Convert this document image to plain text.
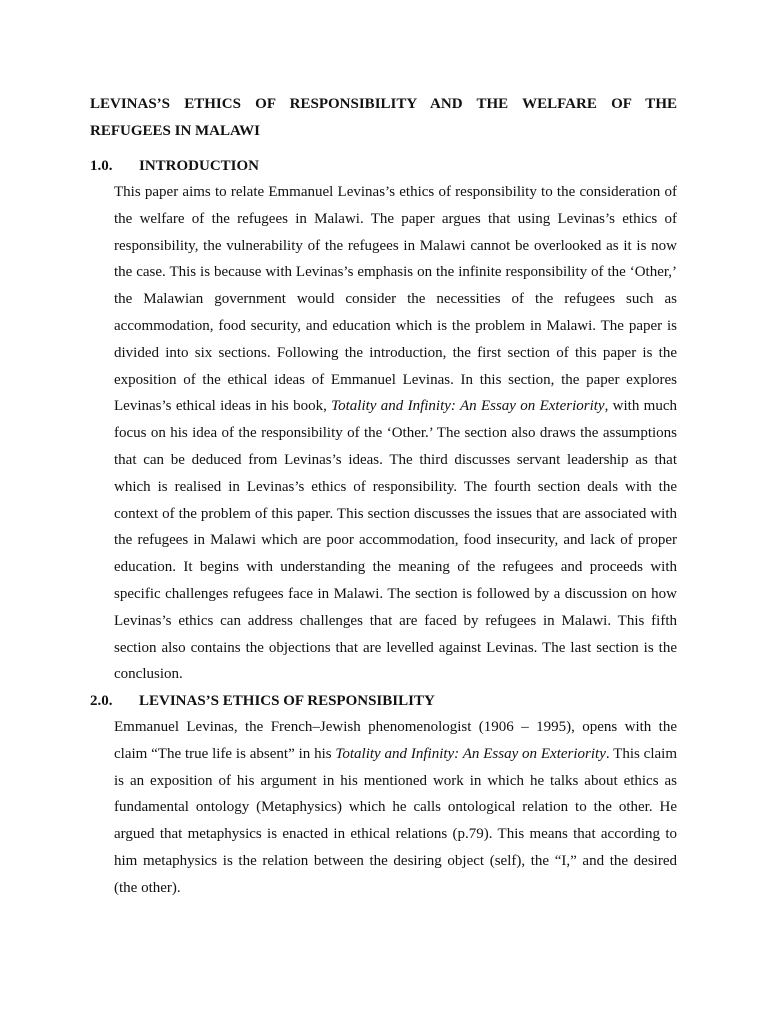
LEVINAS’S ETHICS OF RESPONSIBILITY AND THE WELFARE OF THE REFUGEES IN MALAWI
1.0. INTRODUCTION

This paper aims to relate Emmanuel Levinas’s ethics of responsibility to the consideration of the welfare of the refugees in Malawi. The paper argues that using Levinas’s ethics of responsibility, the vulnerability of the refugees in Malawi cannot be overlooked as it is now the case. This is because with Levinas’s emphasis on the infinite responsibility of the ‘Other,’ the Malawian government would consider the necessities of the refugees such as accommodation, food security, and education which is the problem in Malawi. The paper is divided into six sections. Following the introduction, the first section of this paper is the exposition of the ethical ideas of Emmanuel Levinas. In this section, the paper explores Levinas’s ethical ideas in his book, Totality and Infinity: An Essay on Exteriority, with much focus on his idea of the responsibility of the ‘Other.’ The section also draws the assumptions that can be deduced from Levinas’s ideas. The third discusses servant leadership as that which is realised in Levinas’s ethics of responsibility. The fourth section deals with the context of the problem of this paper. This section discusses the issues that are associated with the refugees in Malawi which are poor accommodation, food insecurity, and lack of proper education. It begins with understanding the meaning of the refugees and proceeds with specific challenges refugees face in Malawi. The section is followed by a discussion on how Levinas’s ethics can address challenges that are faced by refugees in Malawi. This fifth section also contains the objections that are levelled against Levinas. The last section is the conclusion.

2.0. LEVINAS’S ETHICS OF RESPONSIBILITY

Emmanuel Levinas, the French–Jewish phenomenologist (1906 – 1995), opens with the claim “The true life is absent” in his Totality and Infinity: An Essay on Exteriority. This claim is an exposition of his argument in his mentioned work in which he talks about ethics as fundamental ontology (Metaphysics) which he calls ontological relation to the other. He argued that metaphysics is enacted in ethical relations (p.79). This means that according to him metaphysics is the relation between the desiring object (self), the “I,” and the desired (the other).
